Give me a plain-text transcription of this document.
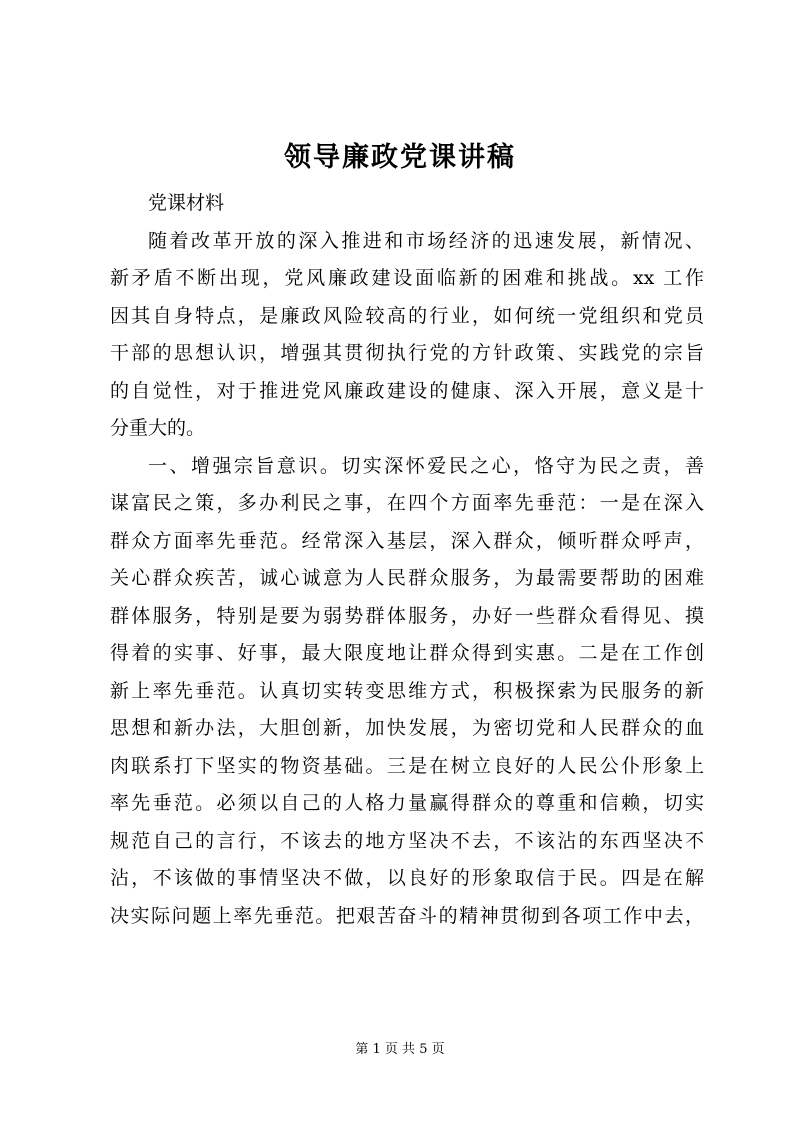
领导廉政党课讲稿
党课材料
随着改革开放的深入推进和市场经济的迅速发展，新情况、
新矛盾不断出现，党风廉政建设面临新的困难和挑战。xx 工作
因其自身特点，是廉政风险较高的行业，如何统一党组织和党员
干部的思想认识，增强其贯彻执行党的方针政策、实践党的宗旨
的自觉性，对于推进党风廉政建设的健康、深入开展，意义是十
分重大的。
一、增强宗旨意识。切实深怀爱民之心，恪守为民之责，善
谋富民之策，多办利民之事，在四个方面率先垂范：一是在深入
群众方面率先垂范。经常深入基层，深入群众，倾听群众呼声，
关心群众疾苦，诚心诚意为人民群众服务，为最需要帮助的困难
群体服务，特别是要为弱势群体服务，办好一些群众看得见、摸
得着的实事、好事，最大限度地让群众得到实惠。二是在工作创
新上率先垂范。认真切实转变思维方式，积极探索为民服务的新
思想和新办法，大胆创新，加快发展，为密切党和人民群众的血
肉联系打下坚实的物资基础。三是在树立良好的人民公仆形象上
率先垂范。必须以自己的人格力量赢得群众的尊重和信赖，切实
规范自己的言行，不该去的地方坚决不去，不该沾的东西坚决不
沾，不该做的事情坚决不做，以良好的形象取信于民。四是在解
决实际问题上率先垂范。把艰苦奋斗的精神贯彻到各项工作中去，
第 1 页 共 5 页
